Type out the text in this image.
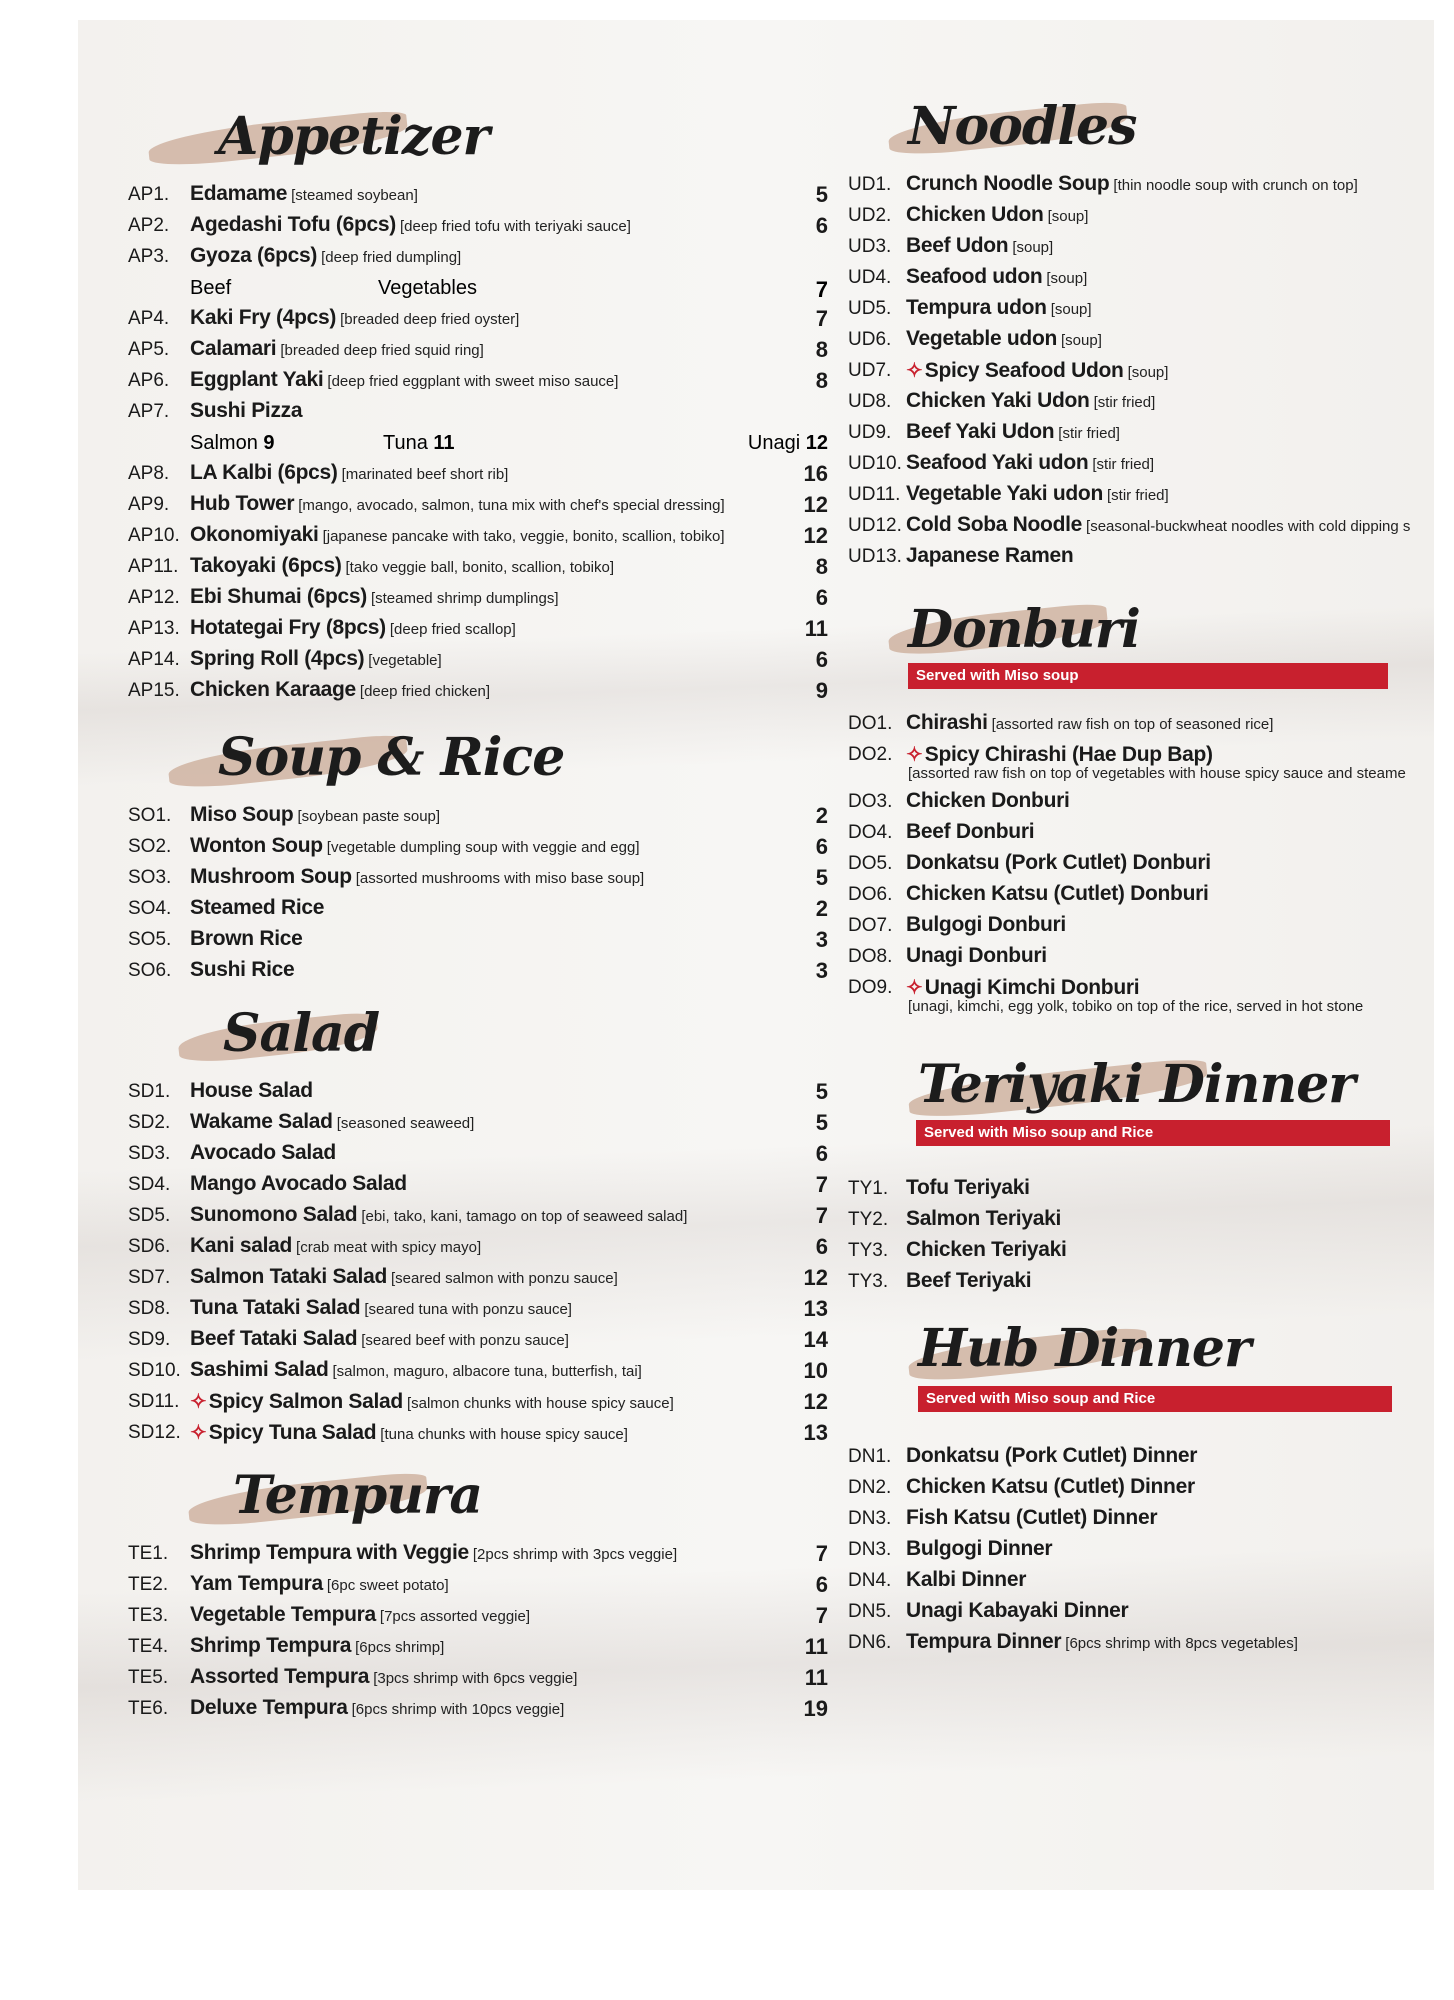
Appetizer
AP1. Edamame [steamed soybean]	5
AP2. Agedashi Tofu (6pcs) [deep fried tofu with teriyaki sauce]	6
AP3. Gyoza (6pcs) [deep fried dumpling]
Beef	Vegetables	7
AP4. Kaki Fry (4pcs) [breaded deep fried oyster]	7
AP5. Calamari [breaded deep fried squid ring]	8
AP6. Eggplant Yaki [deep fried eggplant with sweet miso sauce]	8
AP7. Sushi Pizza
Salmon 9	Tuna 11	Unagi 12
AP8. LA Kalbi (6pcs) [marinated beef short rib]	16
AP9. Hub Tower [mango, avocado, salmon, tuna mix with chef's special dressing]	12
AP10. Okonomiyaki [japanese pancake with tako, veggie, bonito, scallion, tobiko]	12
AP11. Takoyaki (6pcs) [tako veggie ball, bonito, scallion, tobiko]	8
AP12. Ebi Shumai (6pcs) [steamed shrimp dumplings]	6
AP13. Hotategai Fry (8pcs) [deep fried scallop]	11
AP14. Spring Roll (4pcs) [vegetable]	6
AP15. Chicken Karaage [deep fried chicken]	9
Soup & Rice
SO1. Miso Soup [soybean paste soup]	2
SO2. Wonton Soup [vegetable dumpling soup with veggie and egg]	6
SO3. Mushroom Soup [assorted mushrooms with miso base soup]	5
SO4. Steamed Rice	2
SO5. Brown Rice	3
SO6. Sushi Rice	3
Salad
SD1. House Salad	5
SD2. Wakame Salad [seasoned seaweed]	5
SD3. Avocado Salad	6
SD4. Mango Avocado Salad	7
SD5. Sunomono Salad [ebi, tako, kani, tamago on top of seaweed salad]	7
SD6. Kani salad [crab meat with spicy mayo]	6
SD7. Salmon Tataki Salad [seared salmon with ponzu sauce]	12
SD8. Tuna Tataki Salad [seared tuna with ponzu sauce]	13
SD9. Beef Tataki Salad [seared beef with ponzu sauce]	14
SD10. Sashimi Salad [salmon, maguro, albacore tuna, butterfish, tai]	10
SD11. ✧Spicy Salmon Salad [salmon chunks with house spicy sauce]	12
SD12. ✧Spicy Tuna Salad [tuna chunks with house spicy sauce]	13
Tempura
TE1. Shrimp Tempura with Veggie [2pcs shrimp with 3pcs veggie]	7
TE2. Yam Tempura [6pc sweet potato]	6
TE3. Vegetable Tempura [7pcs assorted veggie]	7
TE4. Shrimp Tempura [6pcs shrimp]	11
TE5. Assorted Tempura [3pcs shrimp with 6pcs veggie]	11
TE6. Deluxe Tempura [6pcs shrimp with 10pcs veggie]	19
Noodles
UD1. Crunch Noodle Soup [thin noodle soup with crunch on top]
UD2. Chicken Udon [soup]
UD3. Beef Udon [soup]
UD4. Seafood udon [soup]
UD5. Tempura udon [soup]
UD6. Vegetable udon [soup]
UD7. ✧Spicy Seafood Udon [soup]
UD8. Chicken Yaki Udon [stir fried]
UD9. Beef Yaki Udon [stir fried]
UD10. Seafood Yaki udon [stir fried]
UD11. Vegetable Yaki udon [stir fried]
UD12. Cold Soba Noodle [seasonal-buckwheat noodles with cold dipping s
UD13. Japanese Ramen
Donburi
Served with Miso soup
DO1. Chirashi [assorted raw fish on top of seasoned rice]
DO2. ✧Spicy Chirashi (Hae Dup Bap)
[assorted raw fish on top of vegetables with house spicy sauce and steame
DO3. Chicken Donburi
DO4. Beef Donburi
DO5. Donkatsu (Pork Cutlet) Donburi
DO6. Chicken Katsu (Cutlet) Donburi
DO7. Bulgogi Donburi
DO8. Unagi Donburi
DO9. ✧Unagi Kimchi Donburi
[unagi, kimchi, egg yolk, tobiko on top of the rice, served in hot stone
Teriyaki Dinner
Served with Miso soup and Rice
TY1. Tofu Teriyaki
TY2. Salmon Teriyaki
TY3. Chicken Teriyaki
TY3. Beef Teriyaki
Hub Dinner
Served with Miso soup and Rice
DN1. Donkatsu (Pork Cutlet) Dinner
DN2. Chicken Katsu (Cutlet) Dinner
DN3. Fish Katsu (Cutlet) Dinner
DN3. Bulgogi Dinner
DN4. Kalbi Dinner
DN5. Unagi Kabayaki Dinner
DN6. Tempura Dinner [6pcs shrimp with 8pcs vegetables]
